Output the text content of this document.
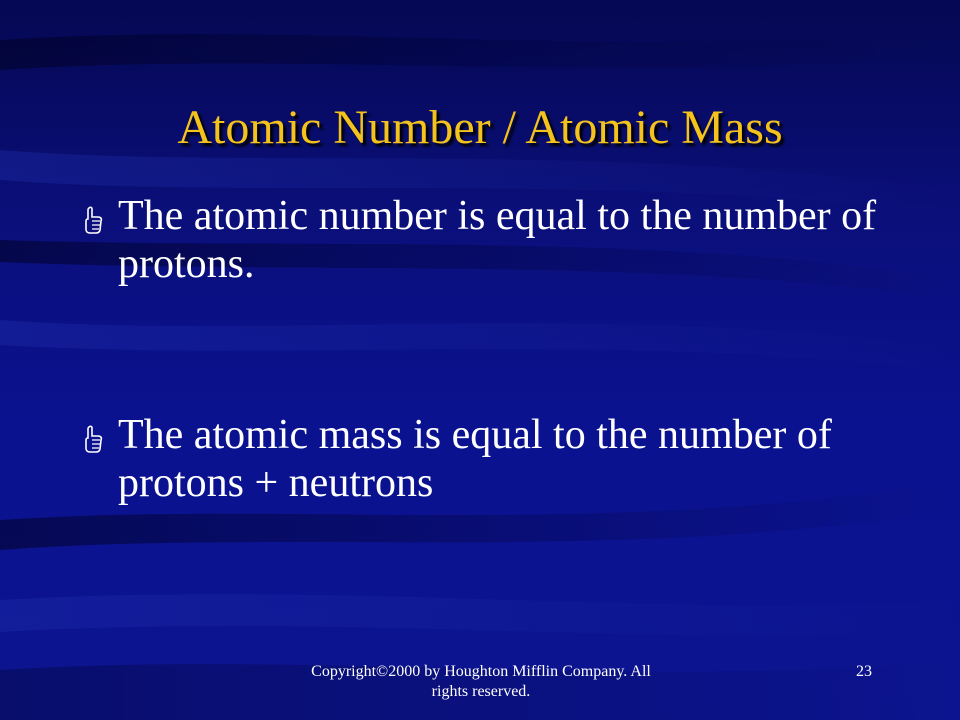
Atomic Number / Atomic Mass
The atomic number is equal to the number of protons.
The atomic mass is equal to the number of protons + neutrons
Copyright©2000 by Houghton Mifflin Company. All rights reserved.
23
